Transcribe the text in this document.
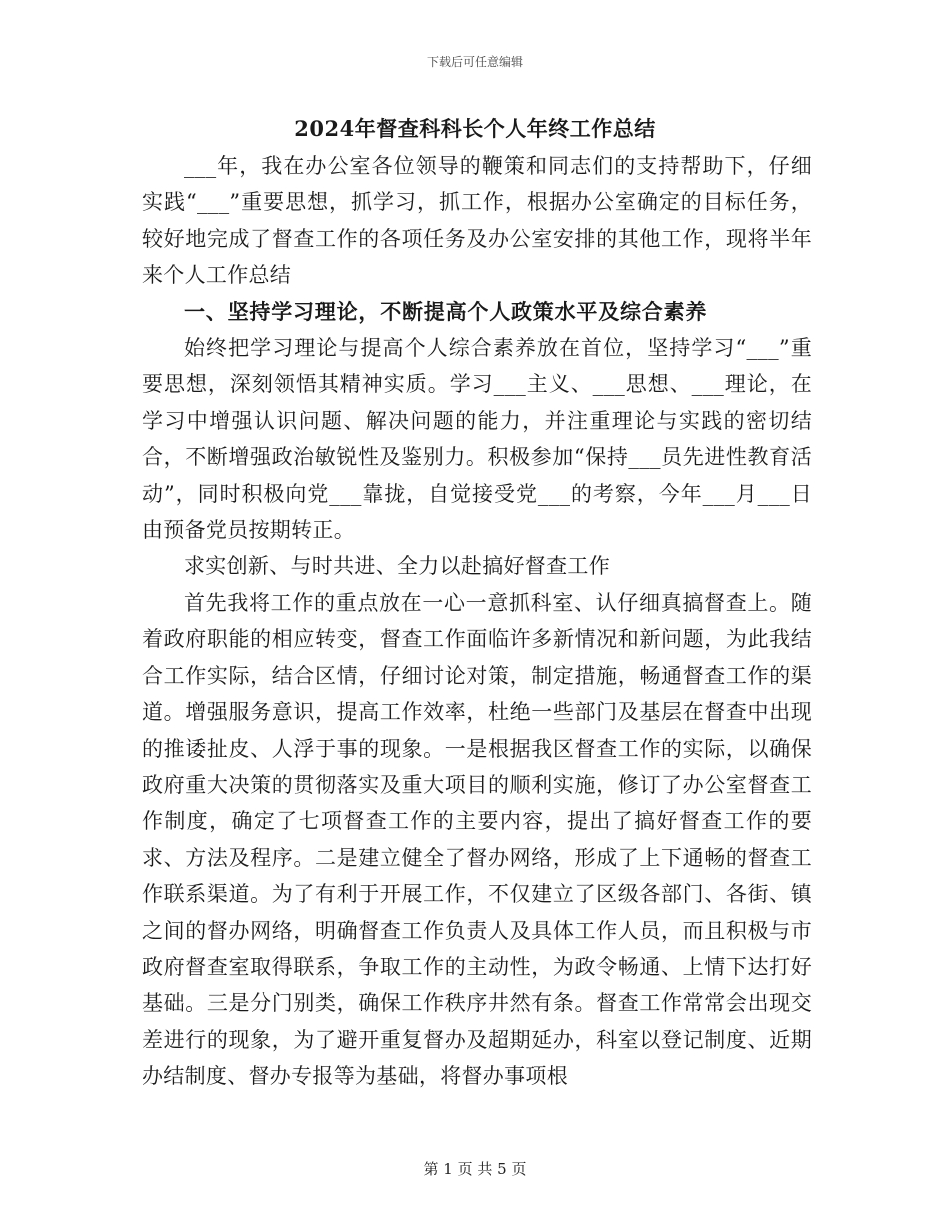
下载后可任意编辑
2024年督查科科长个人年终工作总结

___年，我在办公室各位领导的鞭策和同志们的支持帮助下，仔细实践“___”重要思想，抓学习，抓工作，根据办公室确定的目标任务，较好地完成了督查工作的各项任务及办公室安排的其他工作，现将半年来个人工作总结

一、坚持学习理论，不断提高个人政策水平及综合素养

始终把学习理论与提高个人综合素养放在首位，坚持学习“___”重要思想，深刻领悟其精神实质。学习___主义、___思想、___理论，在学习中增强认识问题、解决问题的能力，并注重理论与实践的密切结合，不断增强政治敏锐性及鉴别力。积极参加“保持___员先进性教育活动”，同时积极向党___靠拢，自觉接受党___的考察，今年___月___日由预备党员按期转正。

求实创新、与时共进、全力以赴搞好督查工作

首先我将工作的重点放在一心一意抓科室、认仔细真搞督查上。随着政府职能的相应转变，督查工作面临许多新情况和新问题，为此我结合工作实际，结合区情，仔细讨论对策，制定措施，畅通督查工作的渠道。增强服务意识，提高工作效率，杜绝一些部门及基层在督查中出现的推诿扯皮、人浮于事的现象。一是根据我区督查工作的实际，以确保政府重大决策的贯彻落实及重大项目的顺利实施，修订了办公室督查工作制度，确定了七项督查工作的主要内容，提出了搞好督查工作的要求、方法及程序。二是建立健全了督办网络，形成了上下通畅的督查工作联系渠道。为了有利于开展工作，不仅建立了区级各部门、各街、镇之间的督办网络，明确督查工作负责人及具体工作人员，而且积极与市政府督查室取得联系，争取工作的主动性，为政令畅通、上情下达打好基础。三是分门别类，确保工作秩序井然有条。督查工作常常会出现交差进行的现象，为了避开重复督办及超期延办，科室以登记制度、近期办结制度、督办专报等为基础，将督办事项根

第 1 页 共 5 页
